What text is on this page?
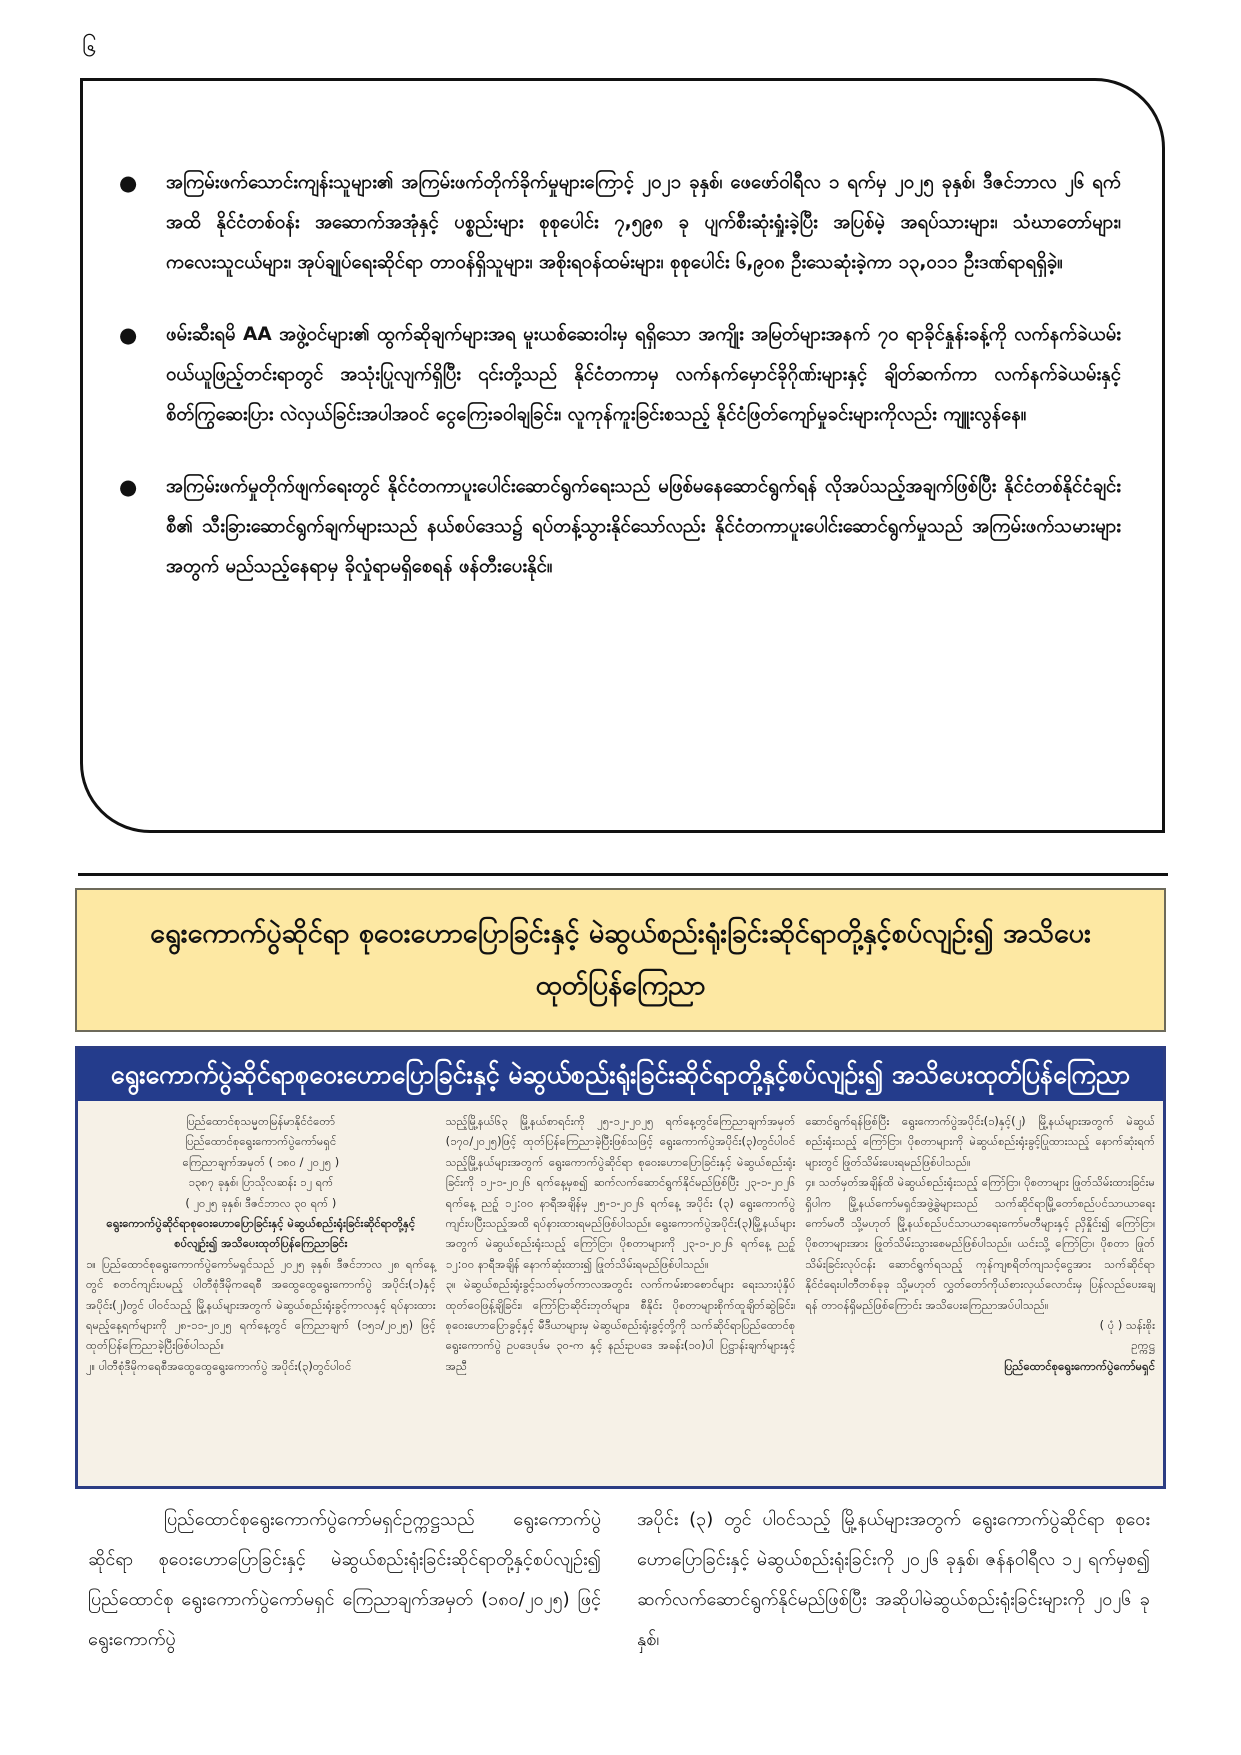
၆
● အကြမ်းဖက်သောင်းကျန်းသူများ၏ အကြမ်းဖက်တိုက်ခိုက်မှုများကြောင့် ၂၀၂၁ ခုနှစ်၊ ဖေဖော်ဝါရီလ ၁ ရက်မှ ၂၀၂၅ ခုနှစ်၊ ဒီဇင်ဘာလ ၂၆ ရက်အထိ နိုင်ငံတစ်ဝန်း အဆောက်အအုံနှင့် ပစ္စည်းများ စုစုပေါင်း ၇,၅၉၈ ခု ပျက်စီးဆုံးရှုံးခဲ့ပြီး အပြစ်မဲ့ အရပ်သားများ၊ သံဃာတော်များ၊ ကလေးသူငယ်များ၊ အုပ်ချုပ်ရေးဆိုင်ရာ တာဝန်ရှိသူများ၊ အစိုးရဝန်ထမ်းများ၊ စုစုပေါင်း ၆,၉၀၈ ဦးသေဆုံးခဲ့ကာ ၁၃,၀၁၁ ဦးဒဏ်ရာရရှိခဲ့။
● ဖမ်းဆီးရမိ AA အဖွဲ့ဝင်များ၏ ထွက်ဆိုချက်များအရ မူးယစ်ဆေးဝါးမှ ရရှိသော အကျိုး အမြတ်များအနက် ၇၀ ရာခိုင်နှုန်းခန့်ကို လက်နက်ခဲယမ်း ဝယ်ယူဖြည့်တင်းရာတွင် အသုံးပြုလျက်ရှိပြီး ၎င်းတို့သည် နိုင်ငံတကာမှ လက်နက်မှောင်ခိုဂိုဏ်းများနှင့် ချိတ်ဆက်ကာ လက်နက်ခဲယမ်းနှင့် စိတ်ကြွဆေးပြား လဲလှယ်ခြင်းအပါအဝင် ငွေကြေးခဝါချခြင်း၊ လူကုန်ကူးခြင်းစသည့် နိုင်ငံဖြတ်ကျော်မှုခင်းများကိုလည်း ကျူးလွန်နေ။
● အကြမ်းဖက်မှုတိုက်ဖျက်ရေးတွင် နိုင်ငံတကာပူးပေါင်းဆောင်ရွက်ရေးသည် မဖြစ်မနေဆောင်ရွက်ရန် လိုအပ်သည့်အချက်ဖြစ်ပြီး နိုင်ငံတစ်နိုင်ငံချင်းစီ၏ သီးခြားဆောင်ရွက်ချက်များသည် နယ်စပ်ဒေသ၌ ရပ်တန့်သွားနိုင်သော်လည်း နိုင်ငံတကာပူးပေါင်းဆောင်ရွက်မှုသည် အကြမ်းဖက်သမားများအတွက် မည်သည့်နေရာမှ ခိုလှုံရာမရှိစေရန် ဖန်တီးပေးနိုင်။
ရွေးကောက်ပွဲဆိုင်ရာ စုဝေးဟောပြောခြင်းနှင့် မဲဆွယ်စည်းရုံးခြင်းဆိုင်ရာတို့နှင့်စပ်လျဉ်း၍ အသိပေးထုတ်ပြန်ကြေညာ
ရွေးကောက်ပွဲဆိုင်ရာစုဝေးဟောပြောခြင်းနှင့် မဲဆွယ်စည်းရုံးခြင်းဆိုင်ရာတို့နှင့်စပ်လျဉ်း၍ အသိပေးထုတ်ပြန်ကြေညာ
ပြည်ထောင်စုသမ္မတမြန်မာနိုင်ငံတော်
ပြည်ထောင်စုရွေးကောက်ပွဲကော်မရှင်
ကြေညာချက်အမှတ် ( ၁၈၀ / ၂၀၂၅ )
၁၃၈၇ ခုနှစ်၊ ပြာသိုလဆန်း ၁၂ ရက်
( ၂၀၂၅ ခုနှစ်၊ ဒီဇင်ဘာလ ၃၀ ရက် )
ရွေးကောက်ပွဲဆိုင်ရာစုဝေးဟောပြောခြင်းနှင့် မဲဆွယ်စည်းရုံးခြင်းဆိုင်ရာတို့နှင့်စပ်လျဉ်း၍ အသိပေးထုတ်ပြန်ကြေညာခြင်း
၁။ ပြည်ထောင်စုရွေးကောက်ပွဲကော်မရှင်သည် ၂၀၂၅ ခုနှစ်၊ ဒီဇင်ဘာလ ၂၈ ရက်နေ့တွင် စတင်ကျင်းပမည့် ပါတီစုံဒီမိုကရေစီ အထွေထွေရွေးကောက်ပွဲ အပိုင်း(၁)နှင့် အပိုင်း(၂)တွင် ပါဝင်သည့် မြို့နယ်များအတွက် မဲဆွယ်စည်းရုံးခွင့်ကာလနှင့် ရပ်နားထားရမည့်နေ့ရက်များကို ၂၈-၁၁-၂၀၂၅ ရက်နေ့တွင် ကြေညာချက် (၁၅၁/၂၀၂၅) ဖြင့် ထုတ်ပြန်ကြေညာခဲ့ပြီးဖြစ်ပါသည်။
၂။ ပါတီစုံဒီမိုကရေစီအထွေထွေရွေးကောက်ပွဲ အပိုင်း(၃)တွင်ပါဝင်
သည့်မြို့နယ်၆၃ မြို့နယ်စာရင်းကို ၂၅-၁၂-၂၀၂၅ ရက်နေ့တွင်ကြေညာချက်အမှတ် (၁၇၀/၂၀၂၅)ဖြင့် ထုတ်ပြန်ကြေညာခဲ့ပြီးဖြစ်သဖြင့် ရွေးကောက်ပွဲအပိုင်း(၃)တွင်ပါဝင်သည့်မြို့နယ်များအတွက် ရွေးကောက်ပွဲဆိုင်ရာ စုဝေးဟောပြောခြင်းနှင့် မဲဆွယ်စည်းရုံးခြင်းကို ၁၂-၁-၂၀၂၆ ရက်နေ့မှစ၍ ဆက်လက်ဆောင်ရွက်နိုင်မည်ဖြစ်ပြီး ၂၃-၁-၂၀၂၆ ရက်နေ့ ညဉ့် ၁၂:၀၀ နာရီအချိန်မှ ၂၅-၁-၂၀၂၆ ရက်နေ့ အပိုင်း (၃) ရွေးကောက်ပွဲကျင်းပပြီးသည့်အထိ ရပ်နားထားရမည်ဖြစ်ပါသည်။ ရွေးကောက်ပွဲအပိုင်း(၃)မြို့နယ်များအတွက် မဲဆွယ်စည်းရုံးသည့် ကြော်ငြာ၊ ပိုစတာများကို ၂၃-၁-၂၀၂၆ ရက်နေ့ ညဉ့် ၁၂:၀၀ နာရီအချိန် နောက်ဆုံးထား၍ ဖြုတ်သိမ်းရမည်ဖြစ်ပါသည်။
၃။ မဲဆွယ်စည်းရုံးခွင့်သတ်မှတ်ကာလအတွင်း လက်ကမ်းစာစောင်များ ရေးသားပုံနှိပ်ထုတ်ဝေဖြန့်ချိခြင်း၊ ကြော်ငြာဆိုင်းဘုတ်များ၊ စီနိုင်း ပိုစတာများစိုက်ထူချိတ်ဆွဲခြင်း၊ စုဝေးဟောပြောခွင့်နှင့် မီဒီယာများမှ မဲဆွယ်စည်းရုံးခွင့်တို့ကို သက်ဆိုင်ရာပြည်ထောင်စုရွေးကောက်ပွဲ ဥပဒေပုဒ်မ ၃၀-က နှင့် နည်းဥပဒေ အခန်း(၁၀)ပါ ပြဋ္ဌာန်းချက်များနှင့်အညီ
ဆောင်ရွက်ရန်ဖြစ်ပြီး ရွေးကောက်ပွဲအပိုင်း(၁)နှင့်(၂) မြို့နယ်များအတွက် မဲဆွယ်စည်းရုံးသည့် ကြော်ငြာ၊ ပိုစတာများကို မဲဆွယ်စည်းရုံးခွင့်ပြုထားသည့် နောက်ဆုံးရက်များတွင် ဖြုတ်သိမ်းပေးရမည်ဖြစ်ပါသည်။
၄။ သတ်မှတ်အချိန်ထိ မဲဆွယ်စည်းရုံးသည့် ကြော်ငြာ၊ ပိုစတာများ ဖြုတ်သိမ်းထားခြင်းမရှိပါက မြို့နယ်ကော်မရှင်အဖွဲ့ခွဲများသည် သက်ဆိုင်ရာမြို့တော်စည်ပင်သာယာရေးကော်မတီ သို့မဟုတ် မြို့နယ်စည်ပင်သာယာရေးကော်မတီများနှင့် ညှိနှိုင်း၍ ကြော်ငြာ၊ ပိုစတာများအား ဖြုတ်သိမ်းသွားစေမည်ဖြစ်ပါသည်။ ယင်းသို့ ကြော်ငြာ၊ ပိုစတာ ဖြုတ်သိမ်းခြင်းလုပ်ငန်း ဆောင်ရွက်ရသည့် ကုန်ကျစရိတ်ကျသင့်ငွေအား သက်ဆိုင်ရာနိုင်ငံရေးပါတီတစ်ခုခု သို့မဟုတ် လွှတ်တော်ကိုယ်စားလှယ်လောင်းမှ ပြန်လည်ပေးချေရန် တာဝန်ရှိမည်ဖြစ်ကြောင်း အသိပေးကြေညာအပ်ပါသည်။
( ပုံ ) သန်းစိုး
ဥက္ကဋ္ဌ
ပြည်ထောင်စုရွေးကောက်ပွဲကော်မရှင်
ပြည်ထောင်စုရွေးကောက်ပွဲကော်မရှင်ဥက္ကဋ္ဌသည် ရွေးကောက်ပွဲဆိုင်ရာ စုဝေးဟောပြောခြင်းနှင့် မဲဆွယ်စည်းရုံးခြင်းဆိုင်ရာတို့နှင့်စပ်လျဉ်း၍ ပြည်ထောင်စု ရွေးကောက်ပွဲကော်မရှင် ကြေညာချက်အမှတ် (၁၈၀/၂၀၂၅) ဖြင့် ရွေးကောက်ပွဲ
အပိုင်း (၃) တွင် ပါဝင်သည့် မြို့နယ်များအတွက် ရွေးကောက်ပွဲဆိုင်ရာ စုဝေးဟောပြောခြင်းနှင့် မဲဆွယ်စည်းရုံးခြင်းကို ၂၀၂၆ ခုနှစ်၊ ဇန်နဝါရီလ ၁၂ ရက်မှစ၍ ဆက်လက်ဆောင်ရွက်နိုင်မည်ဖြစ်ပြီး အဆိုပါမဲဆွယ်စည်းရုံးခြင်းများကို ၂၀၂၆ ခုနှစ်၊
